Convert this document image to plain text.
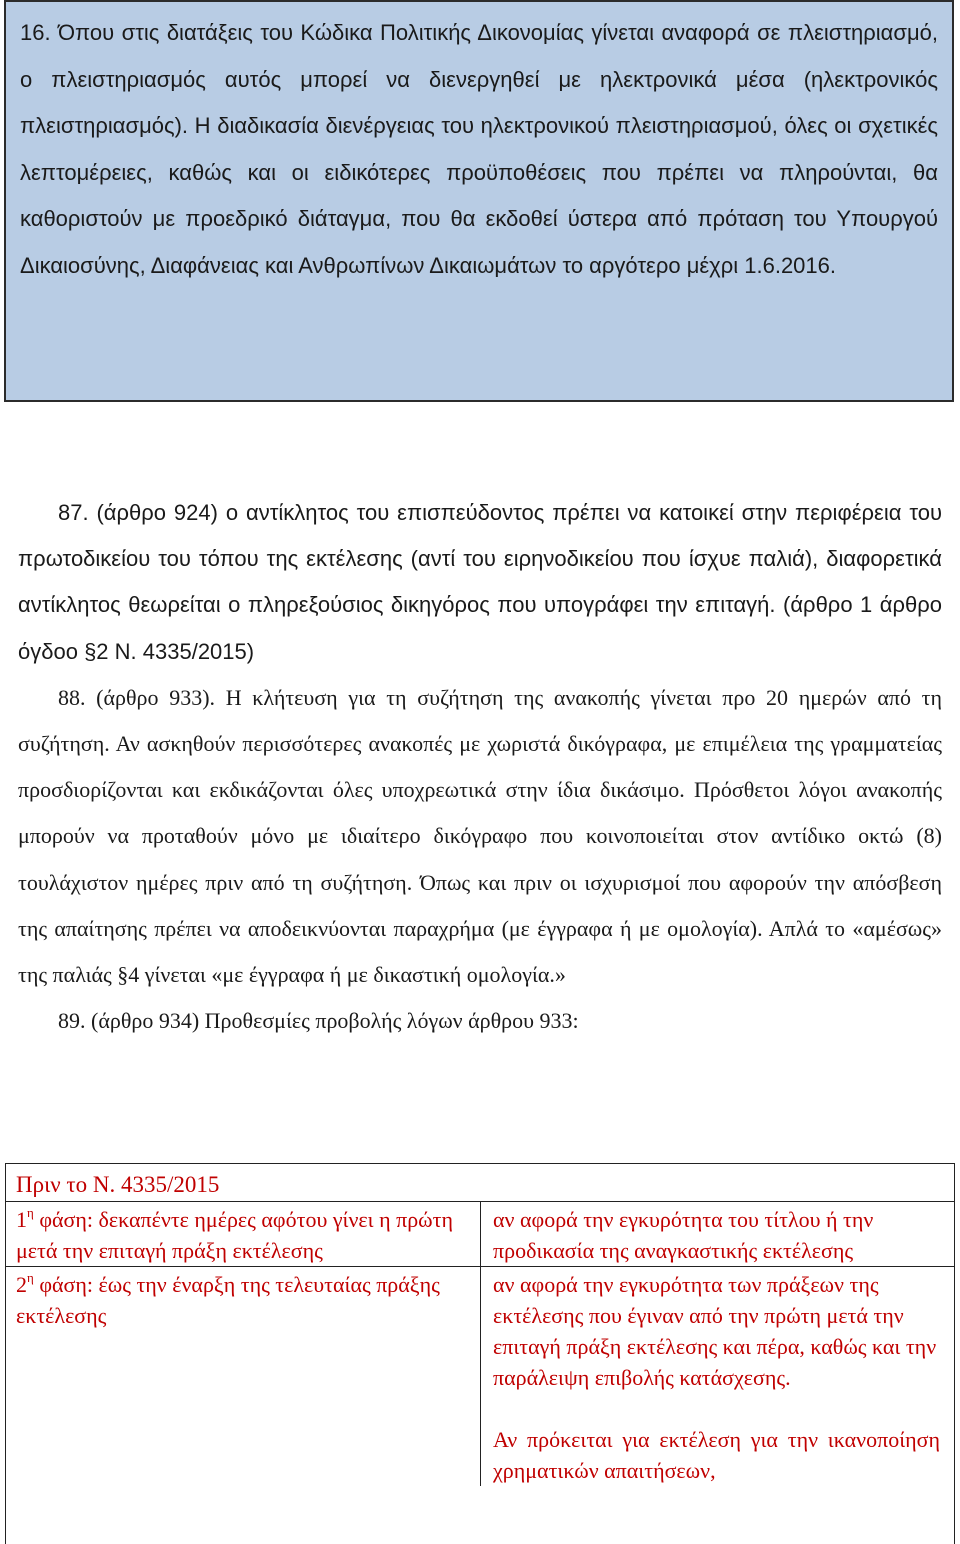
16. Όπου στις διατάξεις του Κώδικα Πολιτικής Δικονομίας γίνεται αναφορά σε πλειστηριασμό, ο πλειστηριασμός αυτός μπορεί να διενεργηθεί με ηλεκτρονικά μέσα (ηλεκτρονικός πλειστηριασμός). Η διαδικασία διενέργειας του ηλεκτρονικού πλειστηριασμού, όλες οι σχετικές λεπτομέρειες, καθώς και οι ειδικότερες προϋποθέσεις που πρέπει να πληρούνται, θα καθοριστούν με προεδρικό διάταγμα, που θα εκδοθεί ύστερα από πρόταση του Υπουργού Δικαιοσύνης, Διαφάνειας και Ανθρωπίνων Δικαιωμάτων το αργότερο μέχρι 1.6.2016.

87. (άρθρο 924) ο αντίκλητος του επισπεύδοντος πρέπει να κατοικεί στην περιφέρεια του πρωτοδικείου του τόπου της εκτέλεσης (αντί του ειρηνοδικείου που ίσχυε παλιά), διαφορετικά αντίκλητος θεωρείται ο πληρεξούσιος δικηγόρος που υπογράφει την επιταγή. (άρθρο 1 άρθρο όγδοο §2 Ν. 4335/2015)

88. (άρθρο 933). Η κλήτευση για τη συζήτηση της ανακοπής γίνεται προ 20 ημερών από τη συζήτηση. Αν ασκηθούν περισσότερες ανακοπές με χωριστά δικόγραφα, με επιμέλεια της γραμματείας προσδιορίζονται και εκδικάζονται όλες υποχρεωτικά στην ίδια δικάσιμο. Πρόσθετοι λόγοι ανακοπής μπορούν να προταθούν μόνο με ιδιαίτερο δικόγραφο που κοινοποιείται στον αντίδικο οκτώ (8) τουλάχιστον ημέρες πριν από τη συζήτηση. Όπως και πριν οι ισχυρισμοί που αφορούν την απόσβεση της απαίτησης πρέπει να αποδεικνύονται παραχρήμα (με έγγραφα ή με ομολογία). Απλά το «αμέσως» της παλιάς §4 γίνεται «με έγγραφα ή με δικαστική ομολογία.»

89. (άρθρο 934) Προθεσμίες προβολής λόγων άρθρου 933:

Πριν το Ν. 4335/2015

$1^\eta$ φάση: δεκαπέντε ημέρες αφότου γίνει η πρώτη μετά την επιταγή πράξη εκτέλεσης

αν αφορά την εγκυρότητα του τίτλου ή την προδικασία της αναγκαστικής εκτέλεσης

$2^\eta$ φάση: έως την έναρξη της τελευταίας πράξης εκτέλεσης

αν αφορά την εγκυρότητα των πράξεων της εκτέλεσης που έγιναν από την πρώτη μετά την επιταγή πράξη εκτέλεσης και πέρα, καθώς και την παράλειψη επιβολής κατάσχεσης.

Αν πρόκειται για εκτέλεση για την ικανοποίηση χρηματικών απαιτήσεων,
